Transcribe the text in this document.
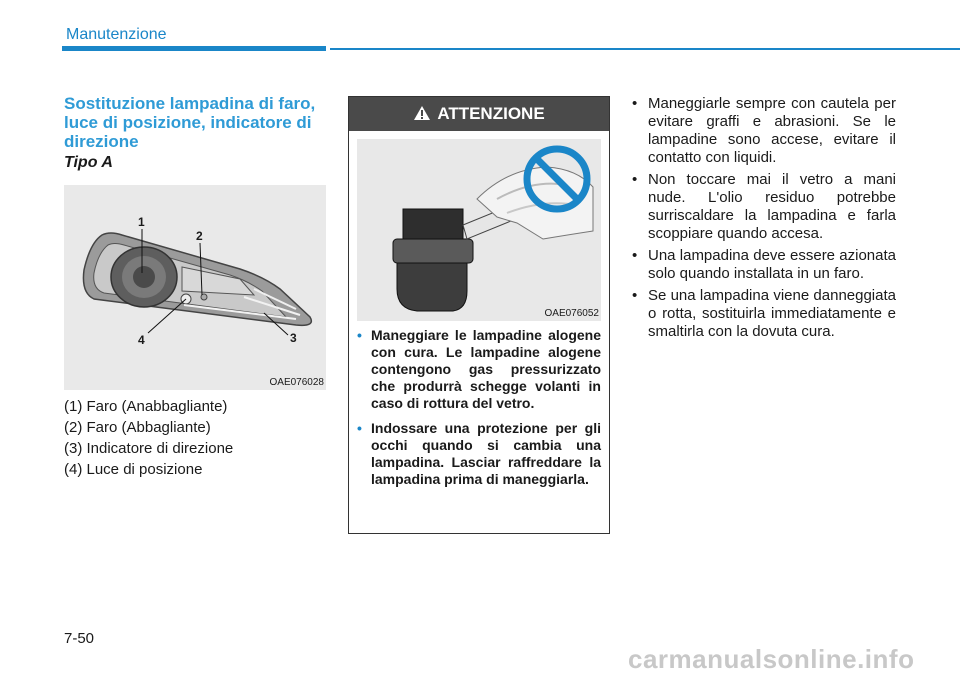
Manutenzione
Sostituzione lampadina di faro, luce di posizione, indicatore di direzione
Tipo A
1
2
3
4
OAE076028
(1) Faro (Anabbagliante)
(2) Faro (Abbagliante)
(3) Indicatore di direzione
(4) Luce di posizione
ATTENZIONE
OAE076052
• Maneggiare le lampadine alogene con cura. Le lampadine alogene contengono gas pressurizzato che produrrà schegge volanti in caso di rottura del vetro.
• Indossare una protezione per gli occhi quando si cambia una lampadina. Lasciar raffreddare la lampadina prima di maneggiarla.
• Maneggiarle sempre con cautela per evitare graffi e abrasioni. Se le lampadine sono accese, evitare il contatto con liquidi.
• Non toccare mai il vetro a mani nude. L'olio residuo potrebbe surriscaldare la lampadina e farla scoppiare quando accesa.
• Una lampadina deve essere azionata solo quando installata in un faro.
• Se una lampadina viene danneggiata o rotta, sostituirla immediatamente e smaltirla con la dovuta cura.
7-50
carmanualsonline.info
